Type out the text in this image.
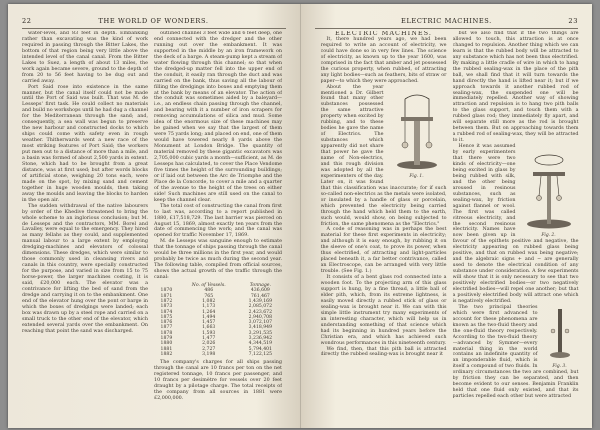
22	THE WORLD OF WONDERS.

water-level, and 83 feet in depth. Embanking rather than excavating was the kind of work required in passing through the Bitter Lakes, the bottom of that region being very little above the intended level of the canal canal. From the Bitter Lakes to Suez, a length of about 13 miles, the work again became severe, ground to the depth of from 20 to 56 feet having to be dug out and carried away.

Port Said rose into existence in the same manner, but the canal itself could not be made until the Port of Said was built. That was M. de Lesseps' first task. He could collect no materials and build no workshops until he had dug a channel for the Mediterranean through the sand; and, consequently, a sea wall was begun to preserve the new harbour and constructed docks to which ships could come with safety even in rough weather. Thitherwards went a new race of the most striking features of Port Said; the workers put men out to a distance of more than a mile, and a basin was formed of about 2,500 yards in extent. Stone, which had to be brought from a great distance, was at first used; but after words blocks of artificial stone, weighing 20 tons each, were made on the spot, by mixing sand and cement together in huge wooden moulds, then taking away the moulds and leaving the blocks to harden in the open air.

The sudden withdrawal of the native labourers by order of the Khedive threatened to bring the whole scheme to an inglorious conclusion; but M. de Lesseps and the contractors, MM. Borel and Lavalley, were equal to the emergency. They hired as many fellahs as they could, and supplemented manual labour to a large extent by employing dredging-machines and elevators of colossal dimensions. These dredges, which were similar to those commonly used in cleansing rivers and canals in this country, were specially constructed for the purpose, and varied in size from 15 to 75 horse-power, the larger machines costing, it is said, £20,000 each. The elevator was a contrivance for lifting the bed of sand from the dredge and carrying it on to the embankment. One end of the elevator hung over the pont or barge in which the boxes of dredgings were landed; each box was drawn up by a steel rope and carried on a small truck to the other end of the elevator, which extended several yards over the embankment. On reaching that point the sand was discharged.

outlined channel 3 feet wide and 6 feet deep, one end connected with the dredger and the other running out over the embankment. It was supported in the middle by an iron framework on the deck of a barge. A steam-pump kept a stream of water flowing through this channel; so that when the dredged-up matter fell into the upper end of the conduit, it easily ran through the duct and was carried on the bank, thus saving all the labour of filling the dredgings into boxes and emptying them at the bank by means of an elevator. The action of the conduit was sometimes aided by a baleyard—i.e., an endless chain passing through the channel, and bearing with it a number of iron scrapers for removing accumulations of silica and mud. Some idea of the enormous size of these machines may be gained when we say that the largest of them were 75 yards long; and placed on end, one of them would have towered nearly 8 yards above the Monument at London Bridge. The quantity of material removed by these gigantic excavators was 2,705,000 cubic yards a month—sufficient, as M. de Lesseps has calculated, to cover the Place Vendome five times the height of the surrounding buildings; or if laid out between the Arc de Triomphe and the Place de la Concorde, to cover a mile and a quarter of the avenue to the height of the trees on either side! Such machines are still used on the canal to keep the channel clear.

The total cost of constructing the canal from first to last was, according to a report published in 1880, £17,518,729. The last barrier was pierced on August 15, 1869, almost exactly ten years from the date of commencing the work; and the canal was opened for traffic November 17, 1869.

M. de Lesseps was sanguine enough to estimate that the tonnage of ships passing through the canal would be three millions in the first year, and would probably be twice as much during the second year. The following table, compiled from official sources, shows the actual growth of the traffic through the canal:

	No. of Vessels.	Tonnage.
1870	486	436,609
1871	765	761,467
1872	1,082	1,439,169
1873	1,173	2,085,072
1874	1,264	2,423,672
1875	1,494	2,940,708
1876	1,457	3,072,107
1877	1,663	3,418,949
1878	1,593	3,291,535
1879	1,477	3,236,942
1880	2,026	4,344,519
1881	2,727	5,794,401
1882	3,198	7,122,125

The company's charges for all ships passing through the canal are 10 francs per ton on the net registered tonnage, 10 francs per passenger, and 10 francs per desimètre for vessels over 20 feet draught by a pilotage charge. The total receipts of the company from all sources in 1881 were £2,000,000.

ELECTRIC MACHINES.	23

ELECTRIC MACHINES.

It, there hundred years ago, we had been required to write an account of electricity, we could have done so in very few lines. The science of electricity, as known up to the year 1600, was comprised in the fact that amber and jet possessed the curious property, when rubbed, of attracting any light bodies—such as feathers, bits of straw or paper—to which they were approached.

Fig. 1.

About the year mentioned a Dr. Gilbert found that many other substances possessed the same attractive property when excited by rubbing, and to these bodies he gave the name of Electrics. The substances which apparently did not share that power he gave the name of Non-electrics, and this rough division was adopted by all the experimenters of the day. Later on, it was found that this classification was inaccurate; for if such so-called non-electrics as the metals were isolated, or insulated by a handle of glass or porcelain, which prevented the electricity being carried through the hand which held them to the earth, such would, would show, on being subjected to friction, the same phenomena as the "Electrics."

A code of reasoning was in perhaps the best material for these first experiments in electricity; and although it is easy enough, by rubbing it on the sleeve of one's coat, to prove its power, when thus electrified, of attracting and light-particles placed beneath it, a far better contrivance, called an Electroscope, can be arranged with very little trouble. (See Fig. 1.)

It consists of a bent glass rod connected into a wooden foot. To the projecting arm of this glass support is hung, by a fine thread, a little ball of elder pith, which, from its extreme lightness, is easily moved directly a rubbed stick of glass or sealing-wax is brought near it. We can with this simple little instrument try many experiments of an interesting character, which will help us in understanding something of that science which had its beginning in hundred years before the Christian era, and which has achieved such wondrous performances in this nineteenth century.

We find, then, that this pith ball is attracted directly the rubbed sealing-wax is brought near it

but we also find that if the two things are allowed to touch, this attraction is at once changed to repulsion. Another thing which we can learn is that the rubbed body will be attracted to any substance which has not been thus electrified. By making a little cradle of wire in which to hang the rubbed sealing-wax in the place of the pith ball, we shall find that it will turn towards the hand directly the hand is lifted near it; but if we approach towards it another rubbed rod of sealing-wax, the suspended one will be immediately repelled. Another way of showing attraction and repulsion is to hang two pith balls to the glass support, and touch them with a rubbed glass rod; they immediately fly apart, and will separate still more as the rod is brought between them. But on approaching towards them a rubbed rod of sealing-wax, they will be attracted to it.

Fig. 2.

Hence it was assumed by early experimenters that there were two kinds of electricity—one being excited in glass by being rubbed with silk, and the other being aroused in resinous substances, such as sealing-wax, by friction against flannel or wool. The first was called vitreous electricity, and the second resinous electricity. Names have now been given up in favour of the epithets positive and negative, the electricity appearing on rubbed glass being positive, and that on rubbed wax being negative; and the algebraic signs + and − are generally used to denote the electrical condition of any substance under consideration. A few experiments will show that it is only necessary to see that two positively electrified bodies—or two negatively electrified bodies—will repel one another; but that a positively electrified body will attract one which is negatively electrified.

Fig. 3.

The two principal theories which were first advanced to account for these phenomena are known as the two-fluid theory and the one-fluid theory respectively. According to the two-fluid theory—advanced by Symmer—every material thing in the world contains an indefinite quantity of an imponderable fluid, which is itself a compound of two fluids. In ordinary circumstances the two are combined, but by friction they can be separated, and then become evident to our senses. Benjamin Franklin held that one fluid only existed, and that its particles repelled each other but were attracted
